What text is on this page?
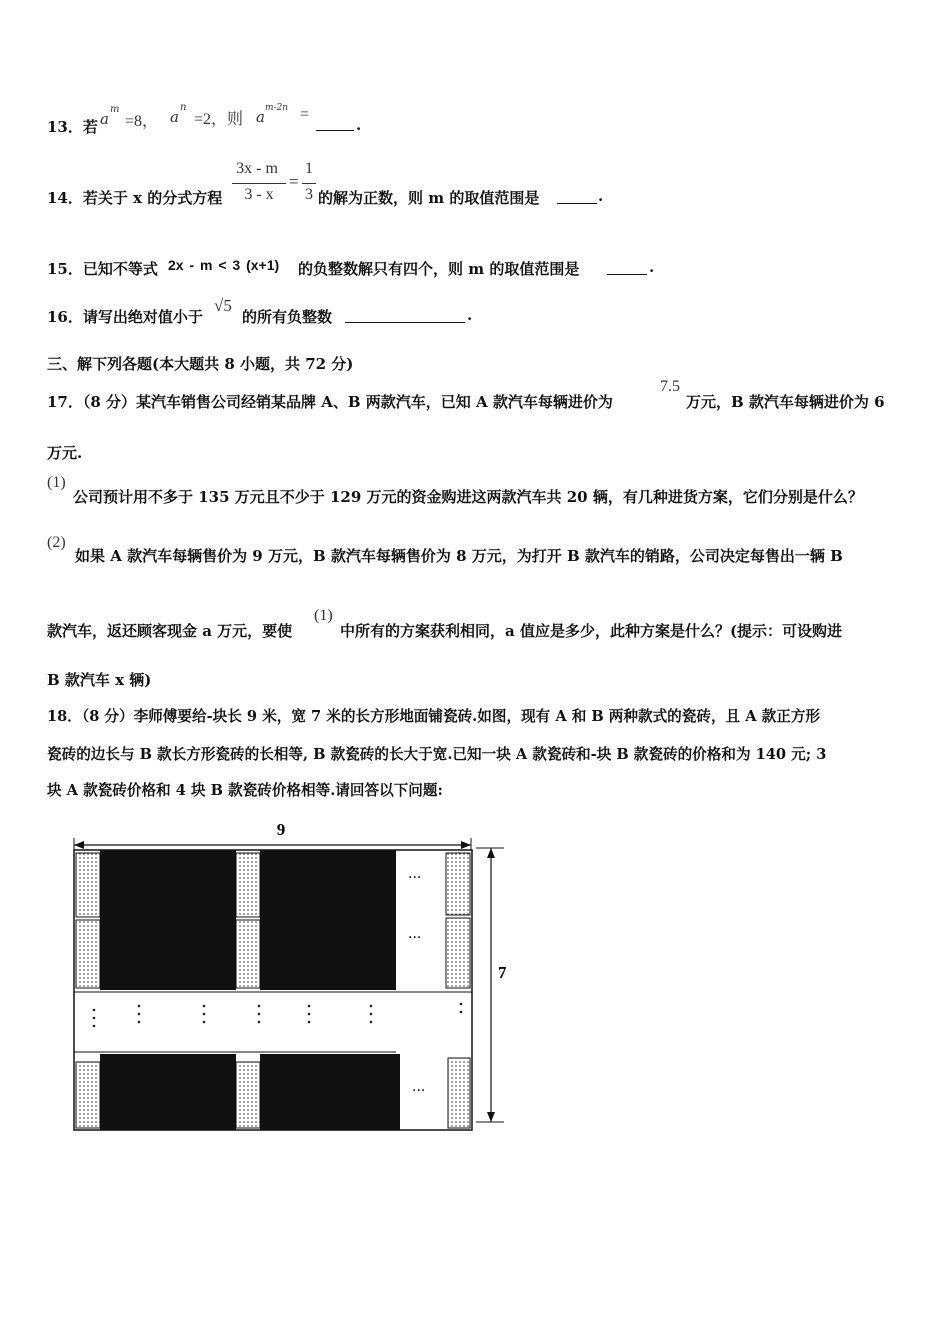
13．若 a
m
=8， a
n
=2，则 a m-2n =
.
14．若关于 x 的分式方程
3x - m
3 - x
=
1
3 的解为正数，则 m 的取值范围是	.
15．已知不等式 2x - m < 3 (x+1) 的负整数解只有四个，则 m 的取值范围是	.
16．请写出绝对值小于
√5
的所有负整数	.
三、解下列各题(本大题共 8 小题，共 72 分)
17．（8 分）某汽车销售公司经销某品牌 A、B 两款汽车，已知 A 款汽车每辆进价为
7.5
万元，B 款汽车每辆进价为 6
万元.
(1)
公司预计用不多于 135 万元且不少于 129 万元的资金购进这两款汽车共 20 辆，有几种进货方案，它们分别是什么？
(2)
如果 A 款汽车每辆售价为 9 万元，B 款汽车每辆售价为 8 万元，为打开 B 款汽车的销路，公司决定每售出一辆 B
款汽车，返还顾客现金 a 万元，要使
(1)
中所有的方案获利相同，a 值应是多少，此种方案是什么？(提示：可设购进
B 款汽车 x 辆)
18．（8 分）李师傅要给-块长 9 米，宽 7 米的长方形地面铺瓷砖.如图，现有 A 和 B 两种款式的瓷砖，且 A 款正方形
瓷砖的边长与 B 款长方形瓷砖的长相等, B 款瓷砖的长大于宽.已知一块 A 款瓷砖和-块 B 款瓷砖的价格和为 140 元; 3
块 A 款瓷砖价格和 4 块 B 款瓷砖价格相等.请回答以下问题:
9
7
···
···
···
